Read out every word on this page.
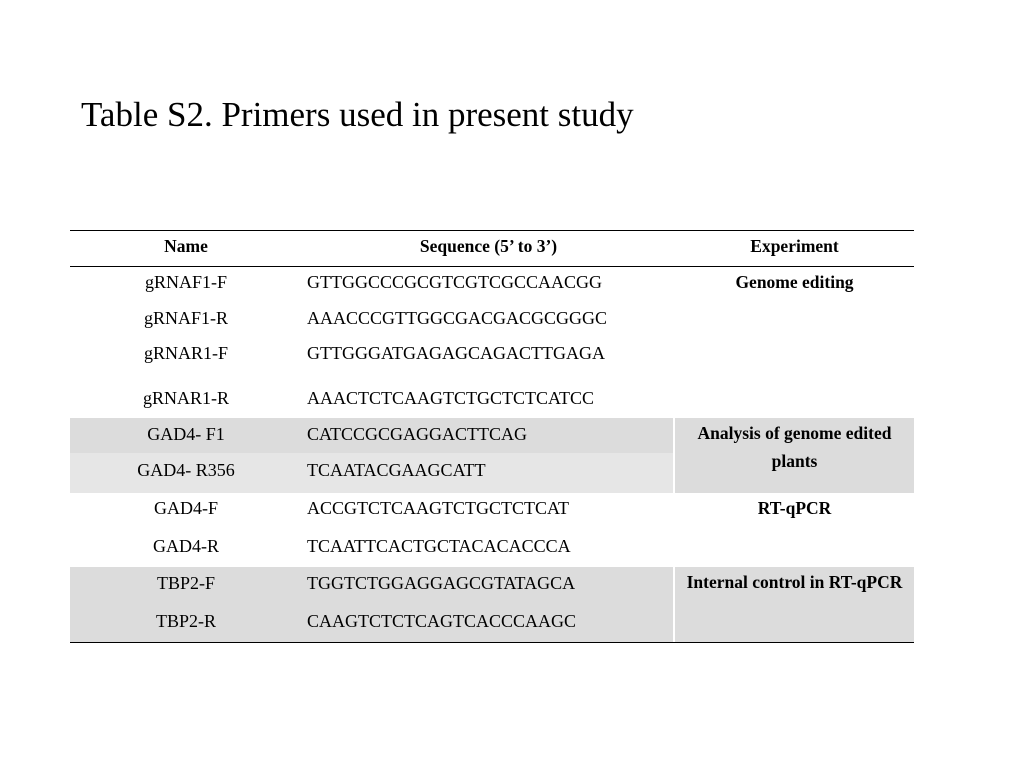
Table S2. Primers used in present study
Name	Sequence (5’ to 3’)	Experiment
gRNAF1-F	GTTGGCCCGCGTCGTCGCCAACGG
gRNAF1-R	AAACCCGTTGGCGACGACGCGGGC
gRNAR1-F	GTTGGGATGAGAGCAGACTTGAGA
gRNAR1-R	AAACTCTCAAGTCTGCTCTCATCC
Genome editing
GAD4- F1	CATCCGCGAGGACTTCAG
GAD4- R356	TCAATACGAAGCATT
Analysis of genome edited plants
GAD4-F	ACCGTCTCAAGTCTGCTCTCAT
GAD4-R	TCAATTCACTGCTACACACCCA
RT-qPCR
TBP2-F	TGGTCTGGAGGAGCGTATAGCA
TBP2-R	CAAGTCTCTCAGTCACCCAAGC
Internal control in RT-qPCR
